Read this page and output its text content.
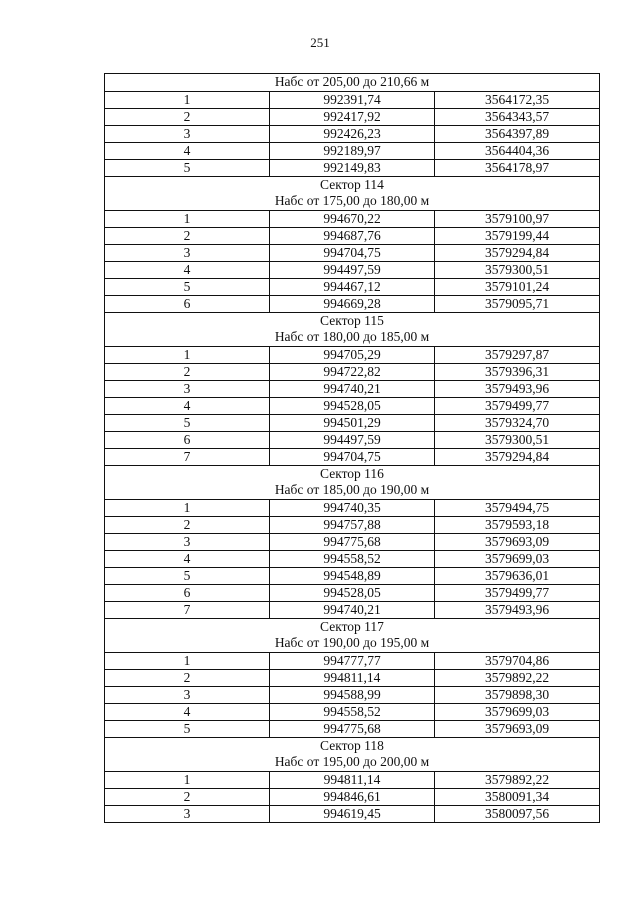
251
Набс от 205,00 до 210,66 м		

1	992391,74	3564172,35
2	992417,92	3564343,57
3	992426,23	3564397,89
4	992189,97	3564404,36
5	992149,83	3564178,97

Сектор 114
Набс от 175,00 до 180,00 м		

1	994670,22	3579100,97
2	994687,76	3579199,44
3	994704,75	3579294,84
4	994497,59	3579300,51
5	994467,12	3579101,24
6	994669,28	3579095,71

Сектор 115
Набс от 180,00 до 185,00 м		

1	994705,29	3579297,87
2	994722,82	3579396,31
3	994740,21	3579493,96
4	994528,05	3579499,77
5	994501,29	3579324,70
6	994497,59	3579300,51
7	994704,75	3579294,84

Сектор 116
Набс от 185,00 до 190,00 м		

1	994740,35	3579494,75
2	994757,88	3579593,18
3	994775,68	3579693,09
4	994558,52	3579699,03
5	994548,89	3579636,01
6	994528,05	3579499,77
7	994740,21	3579493,96

Сектор 117
Набс от 190,00 до 195,00 м		

1	994777,77	3579704,86
2	994811,14	3579892,22
3	994588,99	3579898,30
4	994558,52	3579699,03
5	994775,68	3579693,09

Сектор 118
Набс от 195,00 до 200,00 м		

1	994811,14	3579892,22
2	994846,61	3580091,34
3	994619,45	3580097,56
